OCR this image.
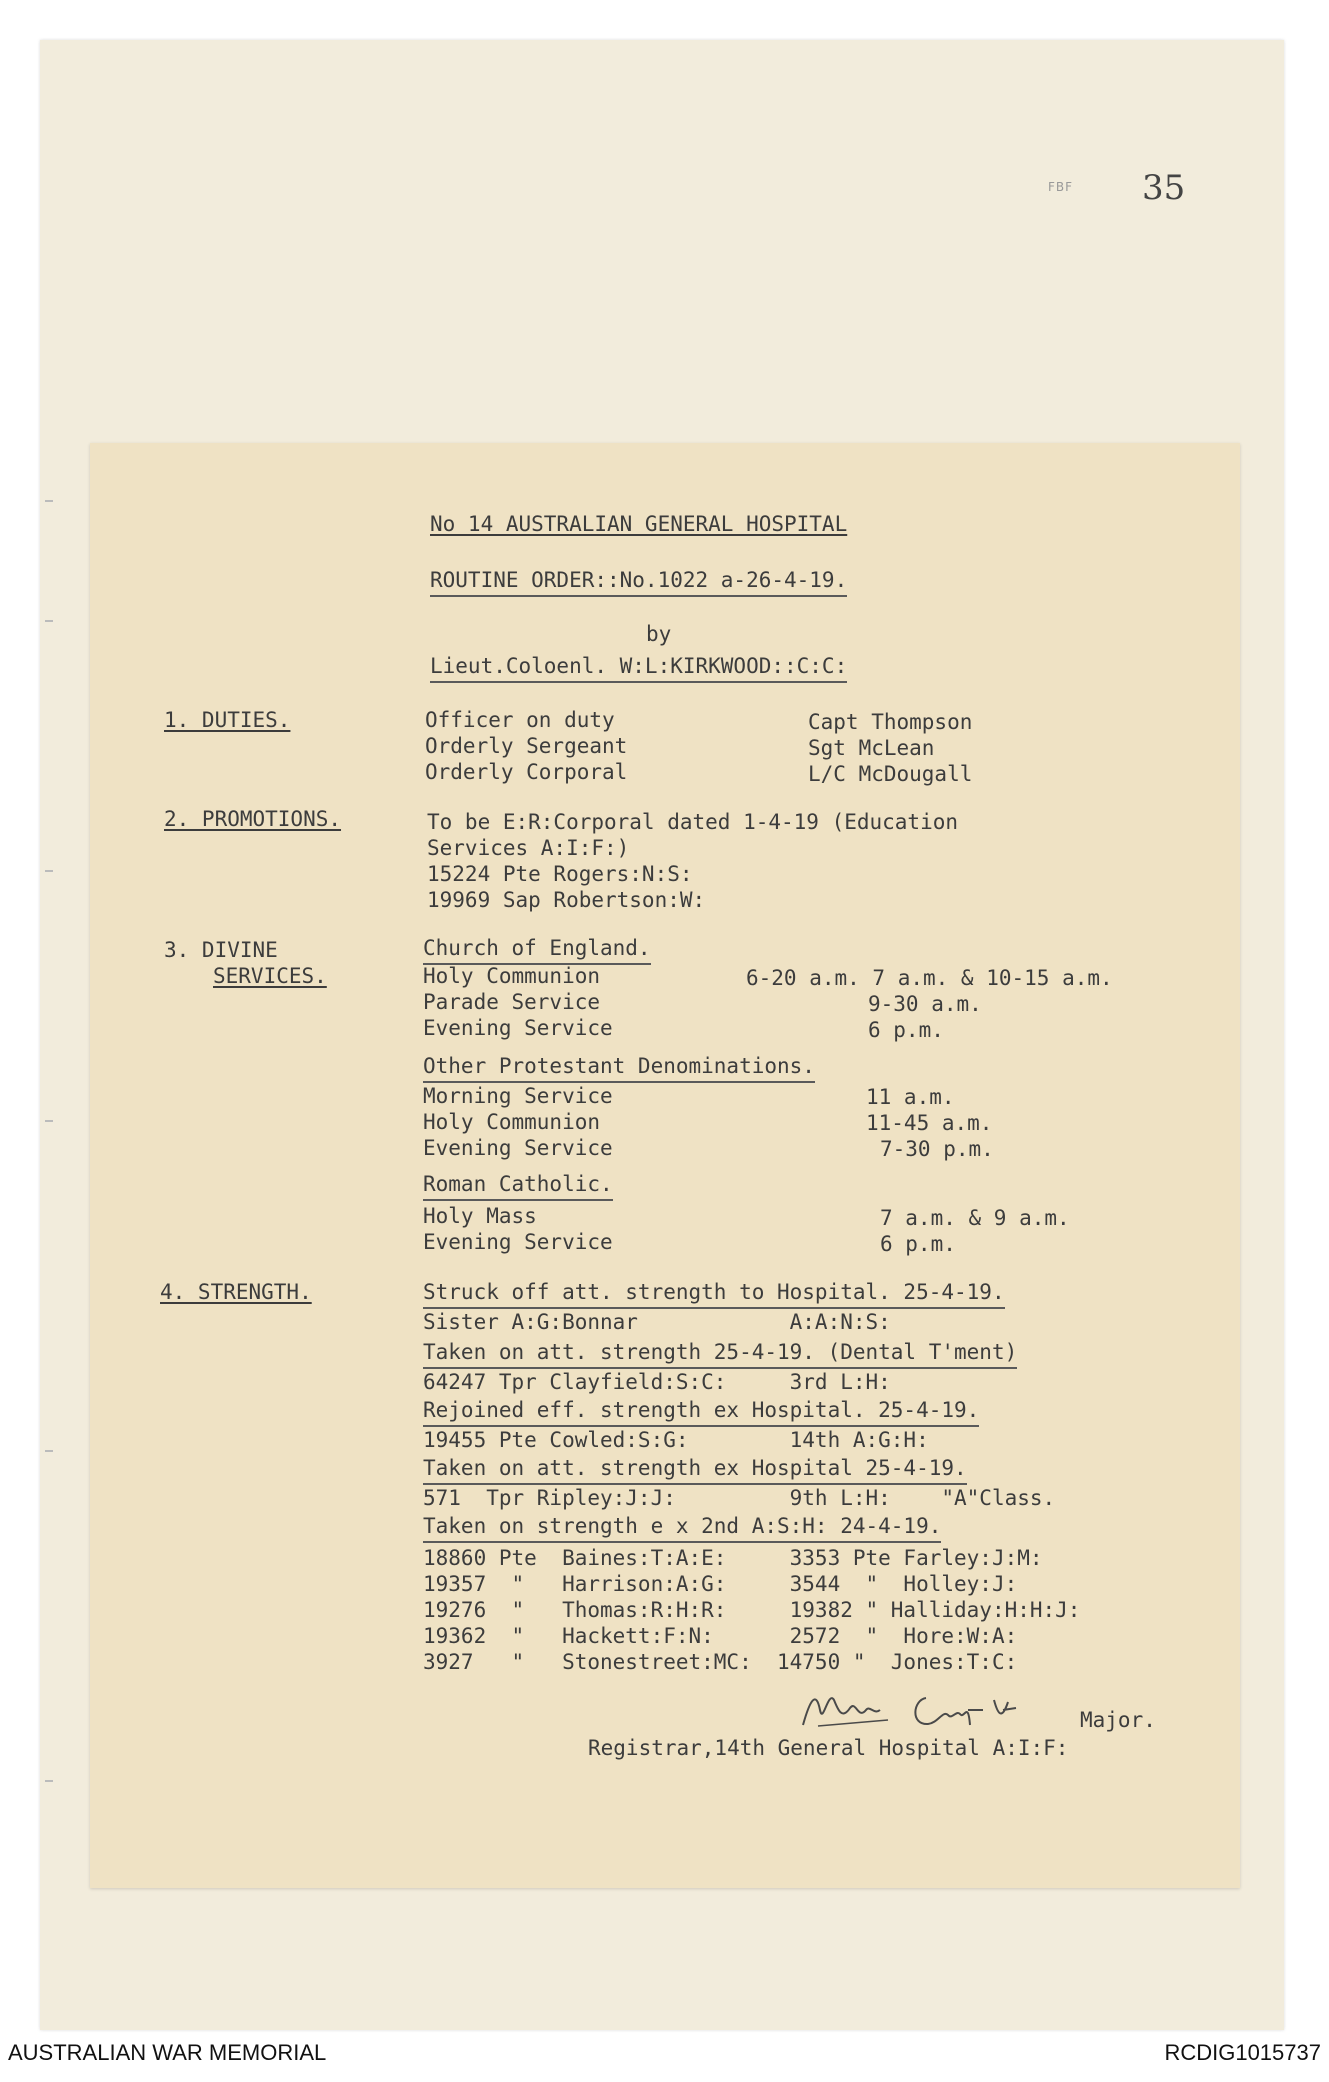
FBF 35
No 14 AUSTRALIAN GENERAL HOSPITAL
ROUTINE ORDER::No.1022 a-26-4-19.
by
Lieut.Coloenl. W:L:KIRKWOOD::C:C:
1. DUTIES.	Officer on duty	Capt Thompson
Orderly Sergeant	Sgt McLean
Orderly Corporal	L/C McDougall
2. PROMOTIONS.	To be E:R:Corporal dated 1-4-19 (Education
Services A:I:F:)
15224 Pte Rogers:N:S:
19969 Sap Robertson:W:
3. DIVINE
SERVICES.
Church of England.
Holy Communion	6-20 a.m. 7 a.m. & 10-15 a.m.
Parade Service	9-30 a.m.
Evening Service	6 p.m.
Other Protestant Denominations.
Morning Service	11 a.m.
Holy Communion	11-45 a.m.
Evening Service	7-30 p.m.
Roman Catholic.
Holy Mass	7 a.m. & 9 a.m.
Evening Service	6 p.m.
4. STRENGTH.	Struck off att. strength to Hospital. 25-4-19.
Sister A:G:Bonnar            A:A:N:S:
Taken on att. strength 25-4-19. (Dental T'ment)
64247 Tpr Clayfield:S:C:     3rd L:H:
Rejoined eff. strength ex Hospital. 25-4-19.
19455 Pte Cowled:S:G:        14th A:G:H:
Taken on att. strength ex Hospital 25-4-19.
571  Tpr Ripley:J:J:         9th L:H:    "A"Class.
Taken on strength e x 2nd A:S:H: 24-4-19.
18860 Pte  Baines:T:A:E:     3353 Pte Farley:J:M:
19357  "   Harrison:A:G:     3544  "  Holley:J:
19276  "   Thomas:R:H:R:     19382 " Halliday:H:H:J:
19362  "   Hackett:F:N:      2572  "  Hore:W:A:
3927   "   Stonestreet:MC:  14750 "  Jones:T:C:
Major.
Registrar,14th General Hospital A:I:F:
AUSTRALIAN WAR MEMORIAL	RCDIG1015737
